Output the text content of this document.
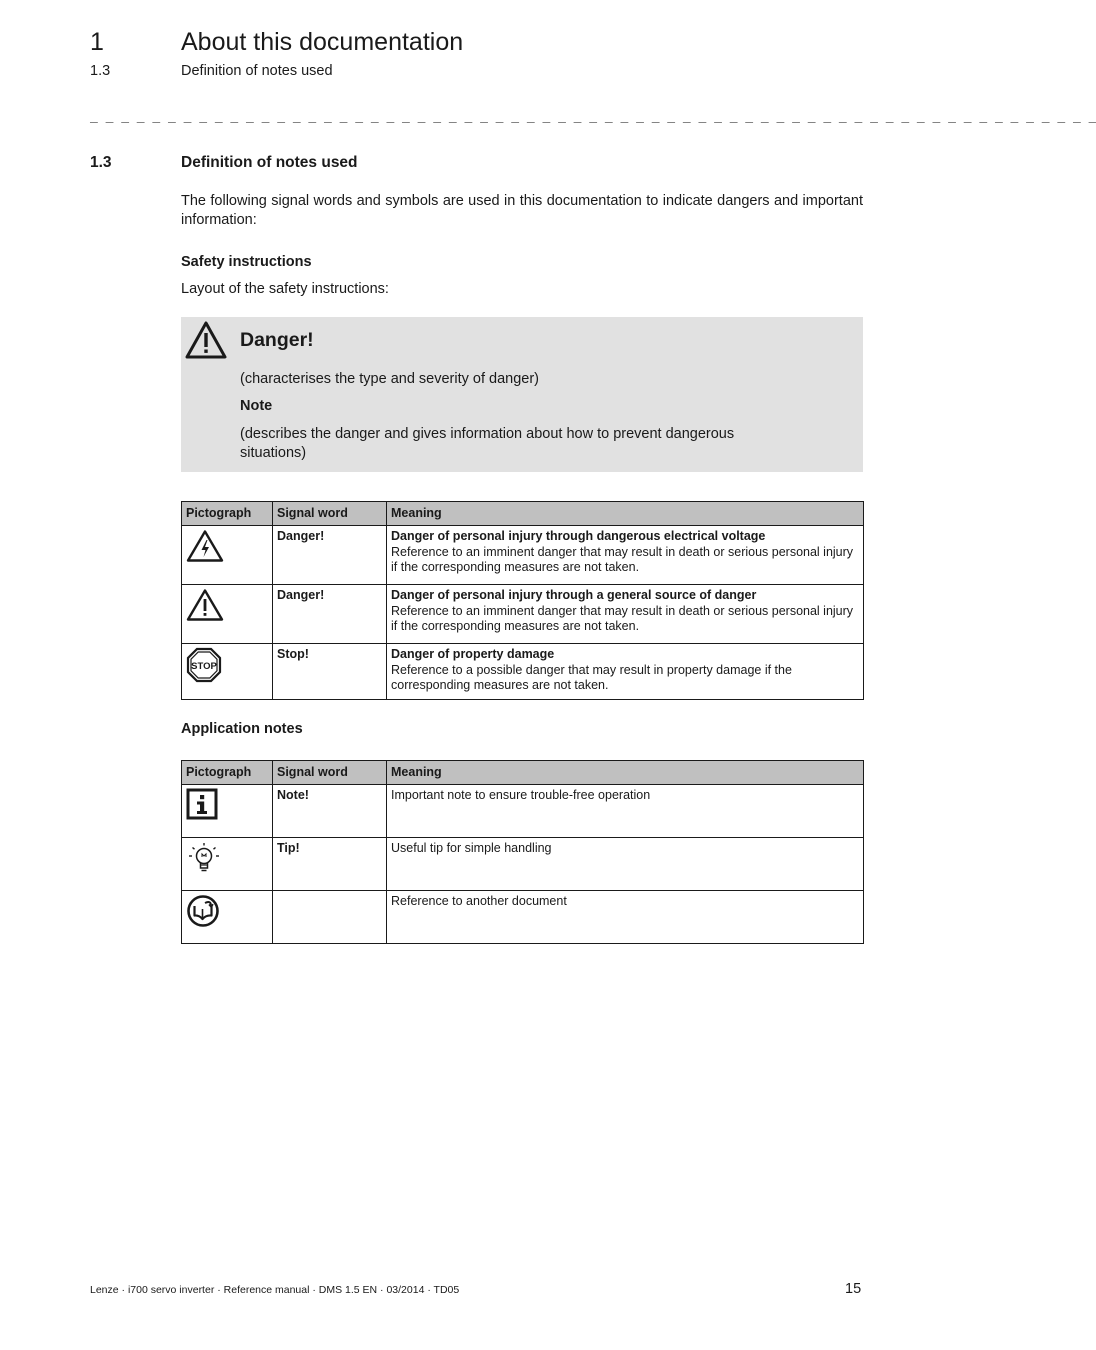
1	About this documentation
1.3	Definition of notes used
_ _ _ _ _ _ _ _ _ _ _ _ _ _ _ _ _ _ _ _ _ _ _ _ _ _ _ _ _ _ _ _ _ _ _ _ _ _ _ _ _ _ _ _ _ _ _ _ _ _ _ _ _ _ _ _ _ _ _ _ _ _ _ _ _
1.3	Definition of notes used
The following signal words and symbols are used in this documentation to indicate dangers and important information:
Safety instructions
Layout of the safety instructions:
Danger!
(characterises the type and severity of danger)
Note
(describes the danger and gives information about how to prevent dangerous situations)
Pictograph	Signal word	Meaning
	Danger!	Danger of personal injury through dangerous electrical voltage
Reference to an imminent danger that may result in death or serious personal injury if the corresponding measures are not taken.

	Danger!	Danger of personal injury through a general source of danger
Reference to an imminent danger that may result in death or serious personal injury if the corresponding measures are not taken.

STOP	Stop!	Danger of property damage
Reference to a possible danger that may result in property damage if the corresponding measures are not taken.
Application notes
Pictograph	Signal word	Meaning
	Note!	Important note to ensure trouble-free operation
	Tip!	Useful tip for simple handling
		Reference to another document
Lenze · i700 servo inverter · Reference manual · DMS 1.5 EN · 03/2014 · TD05	15
